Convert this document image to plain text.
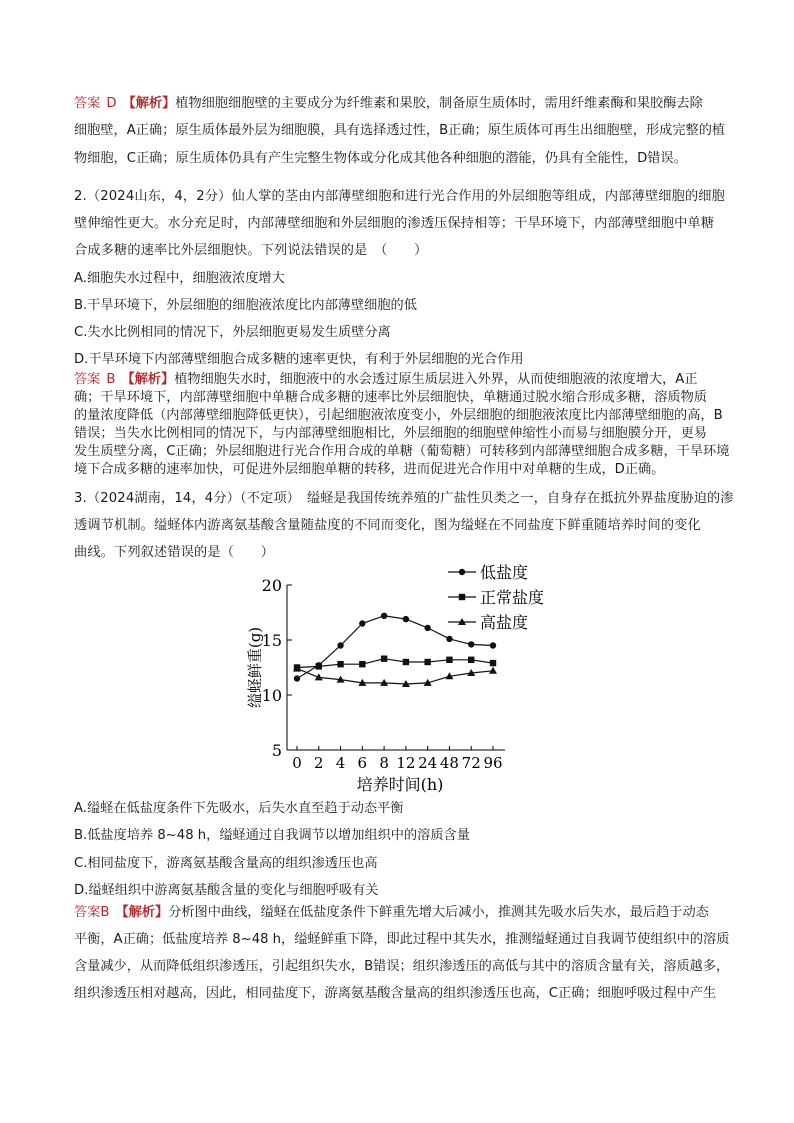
答案 D 【解析】植物细胞细胞壁的主要成分为纤维素和果胶，制备原生质体时，需用纤维素酶和果胶酶去除
细胞壁，A正确；原生质体最外层为细胞膜，具有选择透过性，B正确；原生质体可再生出细胞壁，形成完整的植
物细胞，C正确；原生质体仍具有产生完整生物体或分化成其他各种细胞的潜能，仍具有全能性，D错误。
2.（2024山东，4，2分）仙人掌的茎由内部薄壁细胞和进行光合作用的外层细胞等组成，内部薄壁细胞的细胞
壁伸缩性更大。水分充足时，内部薄壁细胞和外层细胞的渗透压保持相等；干旱环境下，内部薄壁细胞中单糖
合成多糖的速率比外层细胞快。下列说法错误的是　（　　）
A.细胞失水过程中，细胞液浓度增大
B.干旱环境下，外层细胞的细胞液浓度比内部薄壁细胞的低
C.失水比例相同的情况下，外层细胞更易发生质壁分离
D.干旱环境下内部薄壁细胞合成多糖的速率更快，有利于外层细胞的光合作用
答案 B 【解析】植物细胞失水时，细胞液中的水会透过原生质层进入外界，从而使细胞液的浓度增大，A正
确；干旱环境下，内部薄壁细胞中单糖合成多糖的速率比外层细胞快，单糖通过脱水缩合形成多糖，溶质物质
的量浓度降低（内部薄壁细胞降低更快），引起细胞液浓度变小，外层细胞的细胞液浓度比内部薄壁细胞的高，B
错误；当失水比例相同的情况下，与内部薄壁细胞相比，外层细胞的细胞壁伸缩性小而易与细胞膜分开，更易
发生质壁分离，C正确；外层细胞进行光合作用合成的单糖（葡萄糖）可转移到内部薄壁细胞合成多糖，干旱环境
境下合成多糖的速率加快，可促进外层细胞单糖的转移，进而促进光合作用中对单糖的生成，D正确。
3.（2024湖南，14，4分）（不定项）　缢蛏是我国传统养殖的广盐性贝类之一，自身存在抵抗外界盐度胁迫的渗
透调节机制。缢蛏体内游离氨基酸含量随盐度的不同而变化，图为缢蛏在不同盐度下鲜重随培养时间的变化
曲线。下列叙述错误的是（　　）
5
10
15
20
0 2 4 6 8 12 24 48 72 96
培养时间(h)
缢蛏鲜重(g)
低盐度
正常盐度
高盐度
A.缢蛏在低盐度条件下先吸水，后失水直至趋于动态平衡
B.低盐度培养 8~48 h，缢蛏通过自我调节以增加组织中的溶质含量
C.相同盐度下，游离氨基酸含量高的组织渗透压也高
D.缢蛏组织中游离氨基酸含量的变化与细胞呼吸有关
答案B 【解析】分析图中曲线，缢蛏在低盐度条件下鲜重先增大后减小，推测其先吸水后失水，最后趋于动态
平衡，A正确；低盐度培养 8~48 h，缢蛏鲜重下降，即此过程中其失水，推测缢蛏通过自我调节使组织中的溶质
含量减少，从而降低组织渗透压，引起组织失水，B错误；组织渗透压的高低与其中的溶质含量有关，溶质越多，
组织渗透压相对越高，因此，相同盐度下，游离氨基酸含量高的组织渗透压也高，C正确；细胞呼吸过程中产生
